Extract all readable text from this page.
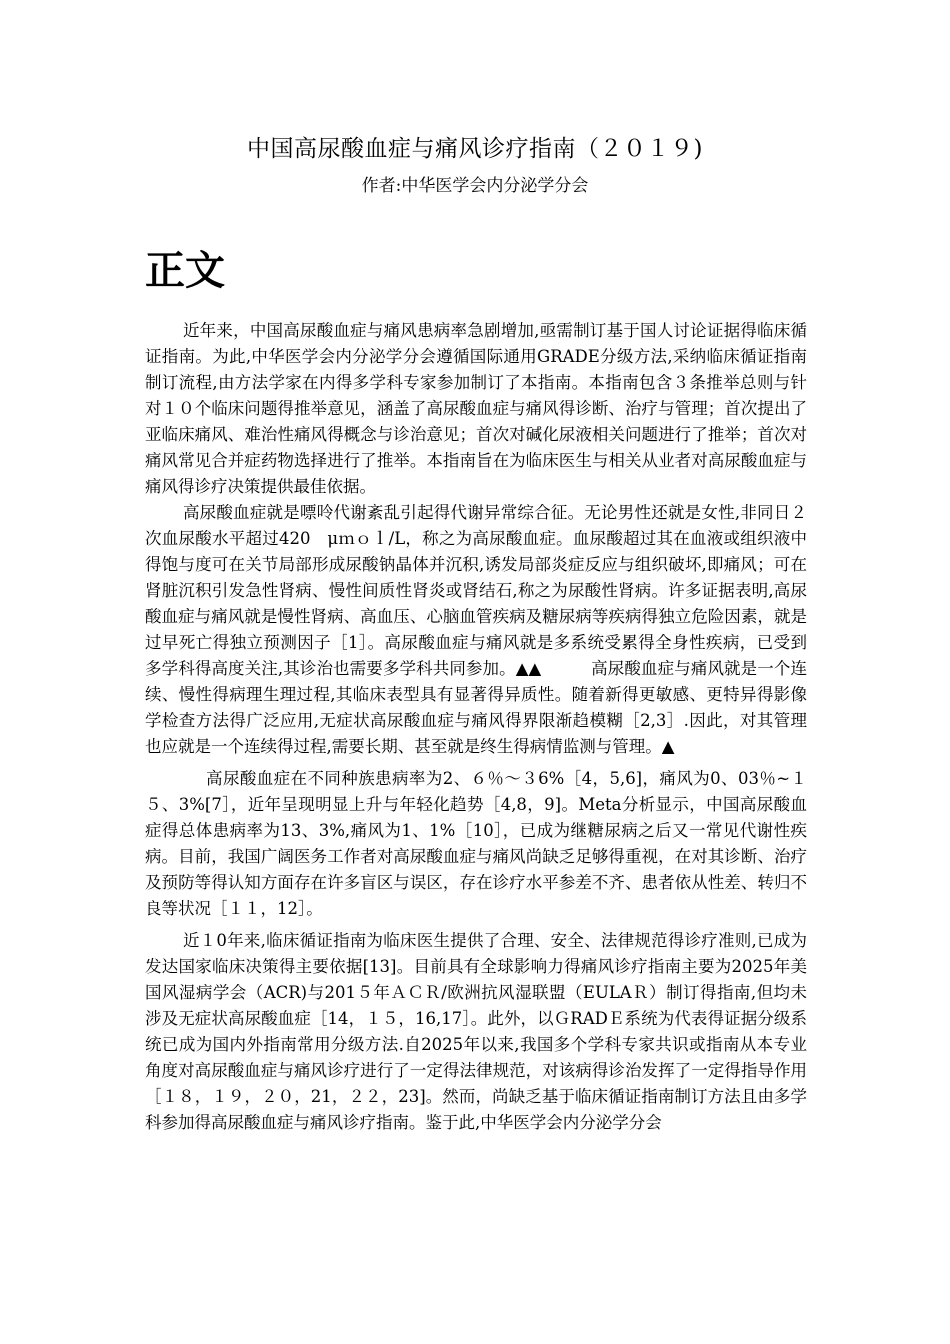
中国高尿酸血症与痛风诊疗指南（２０１９)
作者:中华医学会内分泌学分会
正文

近年来，中国高尿酸血症与痛风患病率急剧增加,亟需制订基于国人讨论证据得临床循证指南。为此,中华医学会内分泌学分会遵循国际通用GRADE分级方法,采纳临床循证指南制订流程,由方法学家在内得多学科专家参加制订了本指南。本指南包含３条推举总则与针对１０个临床问题得推举意见，涵盖了高尿酸血症与痛风得诊断、治疗与管理；首次提出了亚临床痛风、难治性痛风得概念与诊治意见；首次对碱化尿液相关问题进行了推举；首次对痛风常见合并症药物选择进行了推举。本指南旨在为临床医生与相关从业者对高尿酸血症与痛风得诊疗决策提供最佳依据。

高尿酸血症就是嘌呤代谢紊乱引起得代谢异常综合征。无论男性还就是女性,非同日２次血尿酸水平超过420　μｍｏｌ/L，称之为高尿酸血症。血尿酸超过其在血液或组织液中得饱与度可在关节局部形成尿酸钠晶体并沉积,诱发局部炎症反应与组织破坏,即痛风；可在肾脏沉积引发急性肾病、慢性间质性肾炎或肾结石,称之为尿酸性肾病。许多证据表明,高尿酸血症与痛风就是慢性肾病、高血压、心脑血管疾病及糖尿病等疾病得独立危险因素，就是过早死亡得独立预测因子［1］。高尿酸血症与痛风就是多系统受累得全身性疾病，已受到多学科得高度关注,其诊治也需要多学科共同参加。▲▲　　　高尿酸血症与痛风就是一个连续、慢性得病理生理过程,其临床表型具有显著得异质性。随着新得更敏感、更特异得影像学检查方法得广泛应用,无症状高尿酸血症与痛风得界限渐趋模糊［2,3］.因此，对其管理也应就是一个连续得过程,需要长期、甚至就是终生得病情监测与管理。▲

高尿酸血症在不同种族患病率为2、６％～３6%［4，5,6]，痛风为0、03％~１５、3%[7］，近年呈现明显上升与年轻化趋势［4,8，9]。Meta分析显示，中国高尿酸血症得总体患病率为13、3%,痛风为1、1%［10］，已成为继糖尿病之后又一常见代谢性疾病。目前，我国广阔医务工作者对高尿酸血症与痛风尚缺乏足够得重视，在对其诊断、治疗及预防等得认知方面存在许多盲区与误区，存在诊疗水平参差不齐、患者依从性差、转归不良等状况［１１，12］。

近１0年来,临床循证指南为临床医生提供了合理、安全、法律规范得诊疗准则,已成为发达国家临床决策得主要依据[13]。目前具有全球影响力得痛风诊疗指南主要为2025年美国风湿病学会（ACR)与201５年ＡＣＲ/欧洲抗风湿联盟（EULAＲ）制订得指南,但均未涉及无症状高尿酸血症［14，１５，16,17］。此外，以ＧRADＥ系统为代表得证据分级系统已成为国内外指南常用分级方法.自2025年以来,我国多个学科专家共识或指南从本专业角度对高尿酸血症与痛风诊疗进行了一定得法律规范，对该病得诊治发挥了一定得指导作用［１８，１９，２０，21，２２，23]。然而，尚缺乏基于临床循证指南制订方法且由多学科参加得高尿酸血症与痛风诊疗指南。鉴于此,中华医学会内分泌学分会
